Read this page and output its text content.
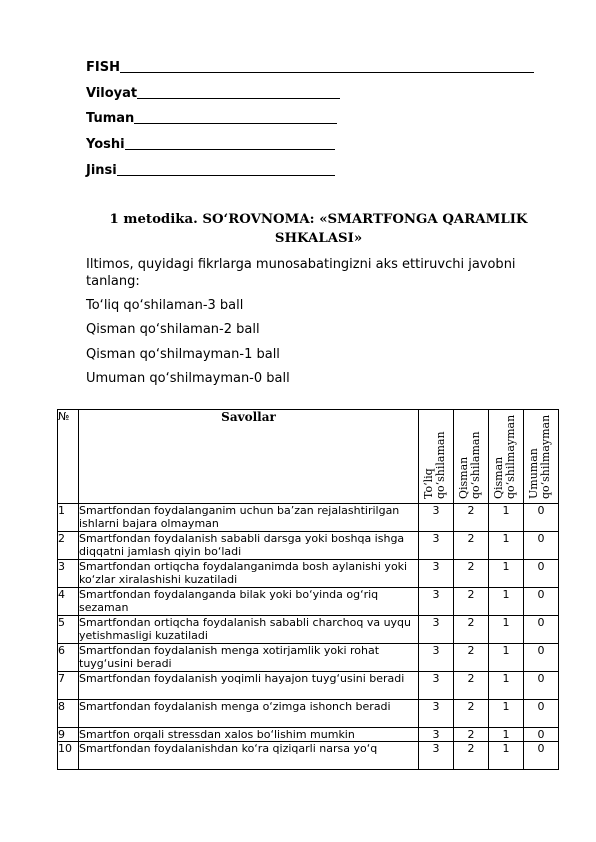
FISH
Viloyat
Tuman
Yoshi
Jinsi
1 metodika. SO‘ROVNOMA: «SMARTFONGA QARAMLIK SHKALASI»
Iltimos, quyidagi fikrlarga munosabatingizni aks ettiruvchi javobni tanlang:
To‘liq qo‘shilaman-3 ball
Qisman qo‘shilaman-2 ball
Qisman qo‘shilmayman-1 ball
Umuman qo‘shilmayman-0 ball
№	Savollar	To‘liq qo‘shilaman	Qisman qo‘shilaman	Qisman qo‘shilmayman	Umuman qo‘shilmayman

1	Smartfondan foydalanganim uchun ba’zan rejalashtirilgan ishlarni bajara olmayman	3	2	1	0
2	Smartfondan foydalanish sababli darsga yoki boshqa ishga diqqatni jamlash qiyin bo‘ladi	3	2	1	0
3	Smartfondan ortiqcha foydalanganimda bosh aylanishi yoki ko‘zlar xiralashishi kuzatiladi	3	2	1	0
4	Smartfondan foydalanganda bilak yoki bo‘yinda og‘riq sezaman	3	2	1	0
5	Smartfondan ortiqcha foydalanish sababli charchoq va uyqu yetishmasligi kuzatiladi	3	2	1	0
6	Smartfondan foydalanish menga xotirjamlik yoki rohat tuyg‘usini beradi	3	2	1	0
7	Smartfondan foydalanish yoqimli hayajon tuyg‘usini beradi	3	2	1	0
8	Smartfondan foydalanish menga o‘zimga ishonch beradi	3	2	1	0
9	Smartfon orqali stressdan xalos bo‘lishim mumkin	3	2	1	0
10	Smartfondan foydalanishdan ko‘ra qiziqarli narsa yo‘q	3	2	1	0
